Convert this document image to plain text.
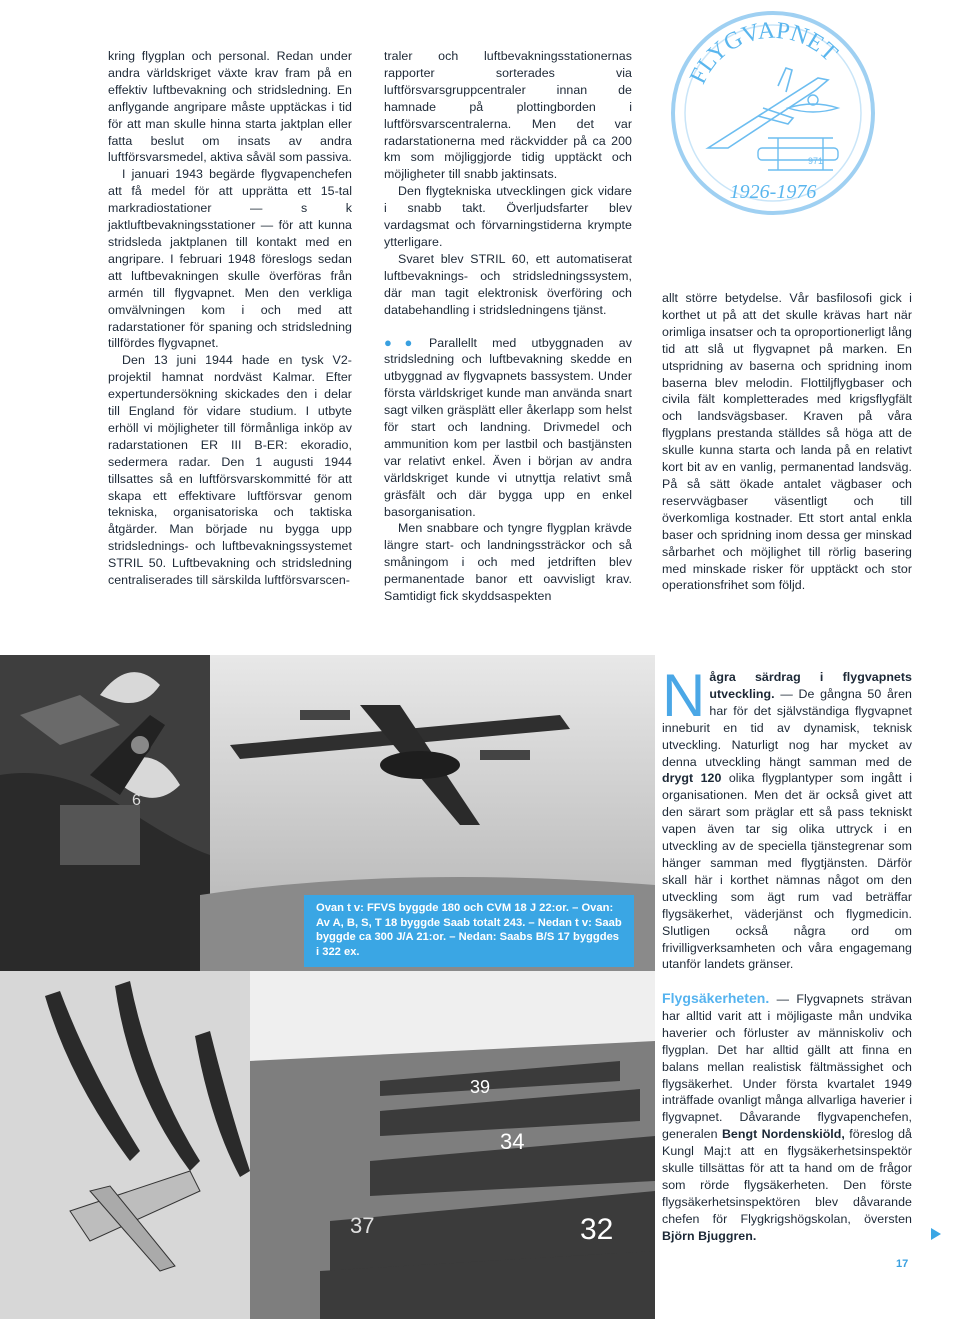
FLYGVAPNET
971
1926-1976

kring flygplan och personal. Redan under andra världskriget växte krav fram på en effektiv luftbevakning och stridsledning. En anflygande angripare måste upptäckas i tid för att man skulle hinna starta jaktplan eller fatta beslut om insats av andra luftförsvarsmedel, aktiva såväl som passiva.

I januari 1943 begärde flygvapenchefen att få medel för att upprätta ett 15-tal markradiostationer — s k jaktluftbevakningsstationer — för att kunna stridsleda jaktplanen till kontakt med en angripare. I februari 1948 föreslogs sedan att luftbevakningen skulle överföras från armén till flygvapnet. Men den verkliga omvälvningen kom i och med att radarstationer för spaning och stridsledning tillfördes flygvapnet.

Den 13 juni 1944 hade en tysk V2-projektil hamnat nordväst Kalmar. Efter expertundersökning skickades den i delar till England för vidare studium. I utbyte erhöll vi möjligheter till förmånliga inköp av radarstationen ER III B-ER: ekoradio, sedermera radar. Den 1 augusti 1944 tillsattes så en luftförsvarskommitté för att skapa ett effektivare luftförsvar genom tekniska, organisatoriska och taktiska åtgärder. Man började nu bygga upp stridslednings- och luftbevakningssystemet STRIL 50. Luftbevakning och stridsledning centraliserades till särskilda luftförsvarscen-

traler och luftbevakningsstationernas rapporter sorterades via luftförsvarsgruppcentraler innan de hamnade på plottingborden i luftförsvarscentralerna. Men det var radarstationerna med räckvidder på ca 200 km som möjliggjorde tidig upptäckt och möjligheter till snabb jaktinsats.

Den flygtekniska utvecklingen gick vidare i snabb takt. Överljudsfarter blev vardagsmat och förvarningstiderna krympte ytterligare.

Svaret blev STRIL 60, ett automatiserat luftbevaknings- och stridsledningssystem, där man tagit elektronisk överföring och databehandling i stridsledningens tjänst.

●● Parallellt med utbyggnaden av stridsledning och luftbevakning skedde en utbyggnad av flygvapnets bassystem. Under första världskriget kunde man använda snart sagt vilken gräsplätt eller åkerlapp som helst för start och landning. Drivmedel och ammunition kom per lastbil och bastjänsten var relativt enkel. Även i början av andra världskriget kunde vi utnyttja relativt små gräsfält och där bygga upp en enkel basorganisation.

Men snabbare och tyngre flygplan krävde längre start- och landningssträckor och så småningom i och med jetdriften blev permanentade banor ett oavvisligt krav. Samtidigt fick skyddsaspekten

allt större betydelse. Vår basfilosofi gick i korthet ut på att det skulle krävas hart när orimliga insatser och ta oproportionerligt lång tid att slå ut flygvapnet på marken. En utspridning av baserna och spridning inom baserna blev melodin. Flottiljflygbaser och civila fält kompletterades med krigsflygfält och landsvägsbaser. Kraven på våra flygplans prestanda ställdes så höga att de skulle kunna starta och landa på en relativt kort bit av en vanlig, permanentad landsväg. På så sätt ökade antalet vägbaser och reservvägbaser väsentligt och till överkomliga kostnader. Ett stort antal enkla baser och spridning inom dessa ger minskad sårbarhet och möjlighet till rörlig basering med minskade risker för upptäckt och stor operationsfrihet som följd.

Några särdrag i flygvapnets utveckling. — De gångna 50 åren har för det självständiga flygvapnet inneburit en tid av dynamisk, teknisk utveckling. Naturligt nog har mycket av denna utveckling hängt samman med de drygt 120 olika flygplantyper som ingått i organisationen. Men det är också givet att den särart som präglar ett så pass tekniskt vapen även tar sig olika uttryck i en utveckling av de speciella tjänstegrenar som hänger samman med flygtjänsten. Därför skall här i korthet nämnas något om den utveckling som ägt rum vad beträffar flygsäkerhet, väderjänst och flygmedicin. Slutligen också några ord om frivilligverksamheten och våra engagemang utanför landets gränser.

Flygsäkerheten. — Flygvapnets strävan har alltid varit att i möjligaste mån undvika haverier och förluster av människoliv och flygplan. Det har alltid gällt att finna en balans mellan realistisk fältmässighet och flygsäkerhet. Under första kvartalet 1949 inträffade ovanligt många allvarliga haverier i flygvapnet. Dåvarande flygvapenchefen, generalen Bengt Nordenskiöld, föreslog då Kungl Maj:t att en flygsäkerhetsinspektör skulle tillsättas för att ta hand om de frågor som rörde flygsäkerheten. Den förste flygsäkerhetsinspektören blev dåvarande chefen för Flygkrigshögskolan, översten Björn Bjuggren.

6
Ovan t v: FFVS byggde 180 och CVM 18 J 22:or. – Ovan: Av A, B, S, T 18 byggde Saab totalt 243. – Nedan t v: Saab byggde ca 300 J/A 21:or. – Nedan: Saabs B/S 17 byggdes i 322 ex.
39
34
32
37
17
